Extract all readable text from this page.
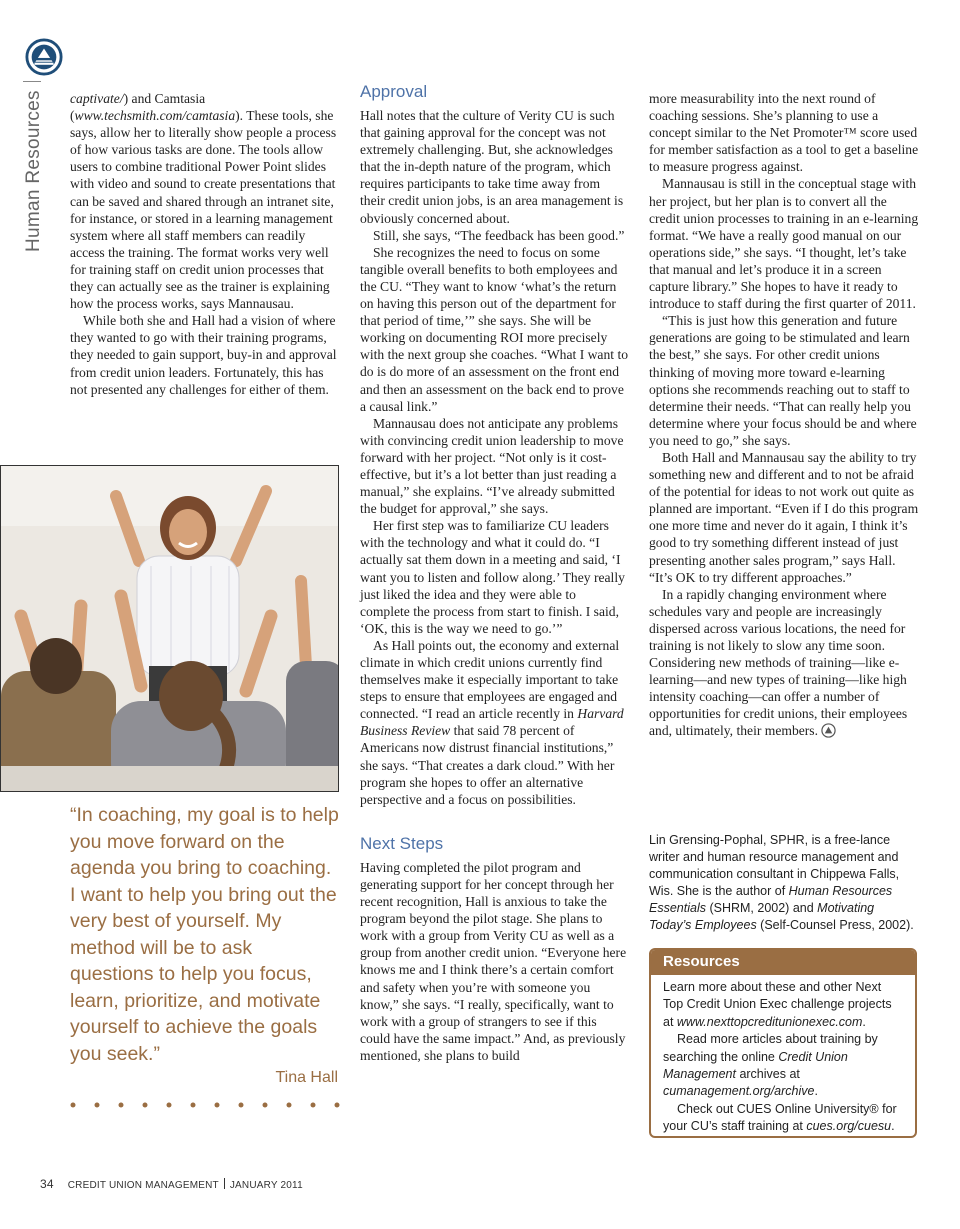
Human Resources	captivate/) and Camtasia (www.techsmith.com/camtasia). These tools, she says, allow her to literally show people a process of how various tasks are done. The tools allow users to combine traditional Power Point slides with video and sound to create presentations that can be saved and shared through an intranet site, for instance, or stored in a learning management system where all staff members can readily access the training. The format works very well for training staff on credit union processes that they can actually see as the trainer is explaining how the process works, says Mannausau.

While both she and Hall had a vision of where they wanted to go with their training programs, they needed to gain support, buy-in and approval from credit union leaders. Fortunately, this has not presented any challenges for either of them.

“In coaching, my goal is to help you move forward on the agenda you bring to coaching. I want to help you bring out the very best of yourself. My method will be to ask questions to help you focus, learn, prioritize, and motivate yourself to achieve the goals you seek.”
Tina Hall
Approval

Hall notes that the culture of Verity CU is such that gaining approval for the concept was not extremely challenging. But, she acknowledges that the in-depth nature of the program, which requires participants to take time away from their credit union jobs, is an area management is obviously concerned about.

Still, she says, “The feedback has been good.”

She recognizes the need to focus on some tangible overall benefits to both employees and the CU. “They want to know ‘what’s the return on having this person out of the department for that period of time,’” she says. She will be working on documenting ROI more precisely with the next group she coaches. “What I want to do is do more of an assessment on the front end and then an assessment on the back end to prove a causal link.”

Mannausau does not anticipate any problems with convincing credit union leadership to move forward with her project. “Not only is it cost-effective, but it’s a lot better than just reading a manual,” she explains. “I’ve already submitted the budget for approval,” she says.

Her first step was to familiarize CU leaders with the technology and what it could do. “I actually sat them down in a meeting and said, ‘I want you to listen and follow along.’ They really just liked the idea and they were able to complete the process from start to finish. I said, ‘OK, this is the way we need to go.’”

As Hall points out, the economy and external climate in which credit unions currently find themselves make it especially important to take steps to ensure that employees are engaged and connected. “I read an article recently in Harvard Business Review that said 78 percent of Americans now distrust financial institutions,” she says. “That creates a dark cloud.” With her program she hopes to offer an alternative perspective and a focus on possibilities.

Next Steps

Having completed the pilot program and generating support for her concept through her recent recognition, Hall is anxious to take the program beyond the pilot stage. She plans to work with a group from Verity CU as well as a group from another credit union. “Everyone here knows me and I think there’s a certain comfort and safety when you’re with someone you know,” she says. “I really, specifically, want to work with a group of strangers to see if this could have the same impact.” And, as previously mentioned, she plans to build

more measurability into the next round of coaching sessions. She’s planning to use a concept similar to the Net Promoter™ score used for member satisfaction as a tool to get a baseline to measure progress against.

Mannausau is still in the conceptual stage with her project, but her plan is to convert all the credit union processes to training in an e-learning format. “We have a really good manual on our operations side,” she says. “I thought, let’s take that manual and let’s produce it in a screen capture library.” She hopes to have it ready to introduce to staff during the first quarter of 2011.

“This is just how this generation and future generations are going to be stimulated and learn the best,” she says. For other credit unions thinking of moving more toward e-learning options she recommends reaching out to staff to determine their needs. “That can really help you determine where your focus should be and where you need to go,” she says.

Both Hall and Mannausau say the ability to try something new and different and to not be afraid of the potential for ideas to not work out quite as planned are important. “Even if I do this program one more time and never do it again, I think it’s good to try something different instead of just presenting another sales program,” says Hall. “It’s OK to try different approaches.”

In a rapidly changing environment where schedules vary and people are increasingly dispersed across various locations, the need for training is not likely to slow any time soon. Considering new methods of training—like e-learning—and new types of training—like high intensity coaching—can offer a number of opportunities for credit unions, their employees and, ultimately, their members.

Lin Grensing-Pophal, SPHR, is a free-lance writer and human resource management and communication consultant in Chippewa Falls, Wis. She is the author of Human Resources Essentials (SHRM, 2002) and Motivating Today’s Employees (Self-Counsel Press, 2002).
Resources

Learn more about these and other Next Top Credit Union Exec challenge projects at www.nexttopcreditunionexec.com.

Read more articles about training by searching the online Credit Union Management archives at cumanagement.org/archive.

Check out CUES Online University® for your CU’s staff training at cues.org/cuesu.

34 CREDIT UNION MANAGEMENT JANUARY 2011
